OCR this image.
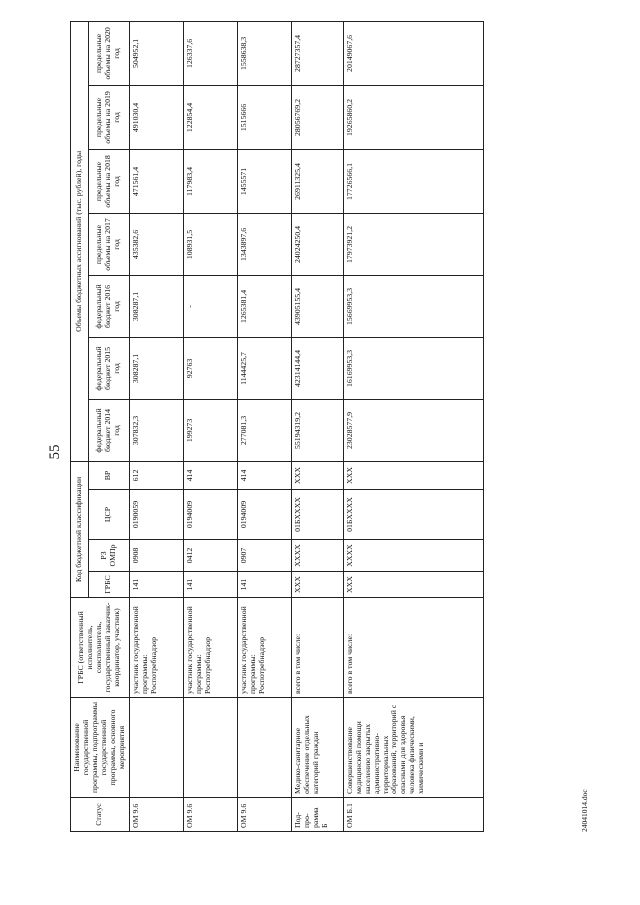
55
Статус	Наименование государственной программы, подпрограммы государственной программы, основного мероприятия	ГРБС (ответственный исполнитель, соисполнитель, государственный заказчик-координатор, участник)	Код бюджетной классификации				Объемы бюджетных ассигнований (тыс. рублей), годы						
			ГРБС	РЗ ОМПр	ЦСР	ВР	федеральный бюджет 2014 год	федеральный бюджет 2015 год	федеральный бюджет 2016 год	предельные объемы на 2017 год	предельные объемы на 2018 год	предельные объемы на 2019 год	предельные объемы на 2020 год
ОМ 9.6		участник государственной программы: Роспотребнадзор	141	0908	0190059	612	307832,3	308287,1	308287,1	435382,6	471561,4	491030,4	504952,1
ОМ 9.6		участник государственной программы: Роспотребнадзор	141	0412	0194009	414	199273	92763	-	108931,5	117983,4	122854,4	126337,6
ОМ 9.6		участник государственной программы: Роспотребнадзор	141	0907	0194009	414	277081,3	1144425,7	1265381,4	1343897,6	1455571	1515666	1558638,3
Под- про- рамма Б	Медико-санитарное обеспечение отдельных категорий граждан	всего в том числе:	XXX	XXXX	01БXXXX	XXX	55194319,2	42314144,4	43905155,4	24024250,4	26911325,4	28056769,2	28727357,4
ОМ Б.1	Совершенствование медицинской помощи населению закрытых административно-территориальных образований, территорий с опасными для здоровья человека физическими, химическими и	всего в том числе:	XXX	XXXX	01БXXXX	XXX	23028577,9	16169953,3	15669953,3	17973921,2	17726566,1	19265860,2	20149067,6
24041014.doc
